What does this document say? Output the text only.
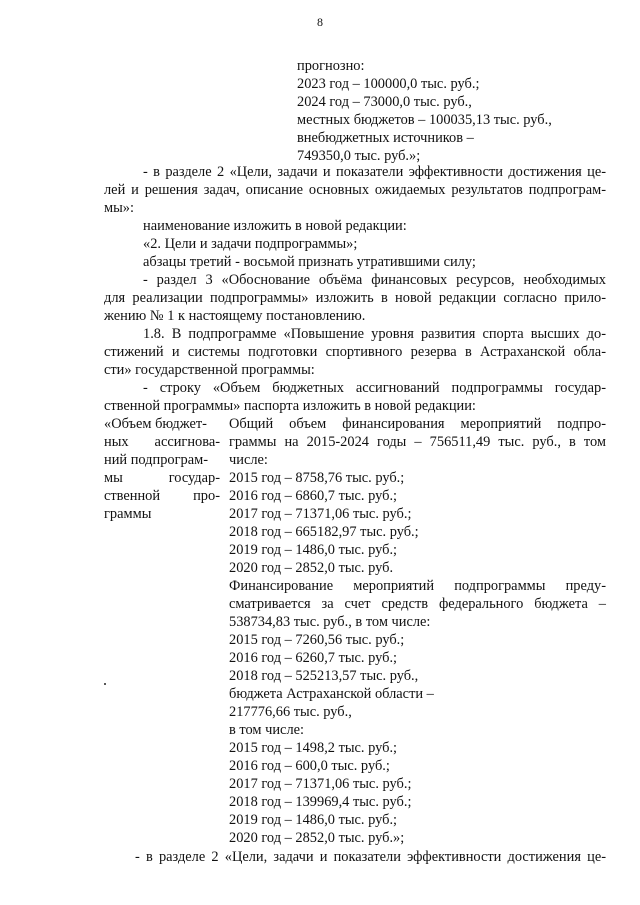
8
прогнозно:
2023 год – 100000,0 тыс. руб.;
2024 год – 73000,0 тыс. руб.,
местных бюджетов – 100035,13 тыс. руб.,
внебюджетных источников –
749350,0 тыс. руб.»;
- в разделе 2 «Цели, задачи и показатели эффективности достижения це-
лей и решения задач, описание основных ожидаемых результатов подпрограм-
мы»:
наименование изложить в новой редакции:
«2. Цели и задачи подпрограммы»;
абзацы третий - восьмой признать утратившими силу;
- раздел 3 «Обоснование объёма финансовых ресурсов, необходимых
для реализации подпрограммы» изложить в новой редакции согласно прило-
жению № 1 к настоящему постановлению.
1.8. В подпрограмме «Повышение уровня развития спорта высших до-
стижений и системы подготовки спортивного резерва в Астраханской обла-
сти» государственной программы:
- строку «Объем бюджетных ассигнований подпрограммы государ-
ственной программы» паспорта изложить в новой редакции:
«Объем бюджет-
ных ассигнова-
ний подпрограм-
мы государ-
ственной про-
граммы
Общий объем финансирования мероприятий подпро-
граммы на 2015-2024 годы – 756511,49 тыс. руб., в том
числе:
2015 год – 8758,76 тыс. руб.;
2016 год – 6860,7 тыс. руб.;
2017 год – 71371,06 тыс. руб.;
2018 год – 665182,97 тыс. руб.;
2019 год – 1486,0 тыс. руб.;
2020 год – 2852,0 тыс. руб.
Финансирование мероприятий подпрограммы преду-
сматривается за счет средств федерального бюджета –
538734,83 тыс. руб., в том числе:
2015 год – 7260,56 тыс. руб.;
2016 год – 6260,7 тыс. руб.;
2018 год – 525213,57 тыс. руб.,
бюджета Астраханской области –
217776,66 тыс. руб.,
в том числе:
2015 год – 1498,2 тыс. руб.;
2016 год – 600,0 тыс. руб.;
2017 год – 71371,06 тыс. руб.;
2018 год – 139969,4 тыс. руб.;
2019 год – 1486,0 тыс. руб.;
2020 год – 2852,0 тыс. руб.»;
- в разделе 2 «Цели, задачи и показатели эффективности достижения це-
